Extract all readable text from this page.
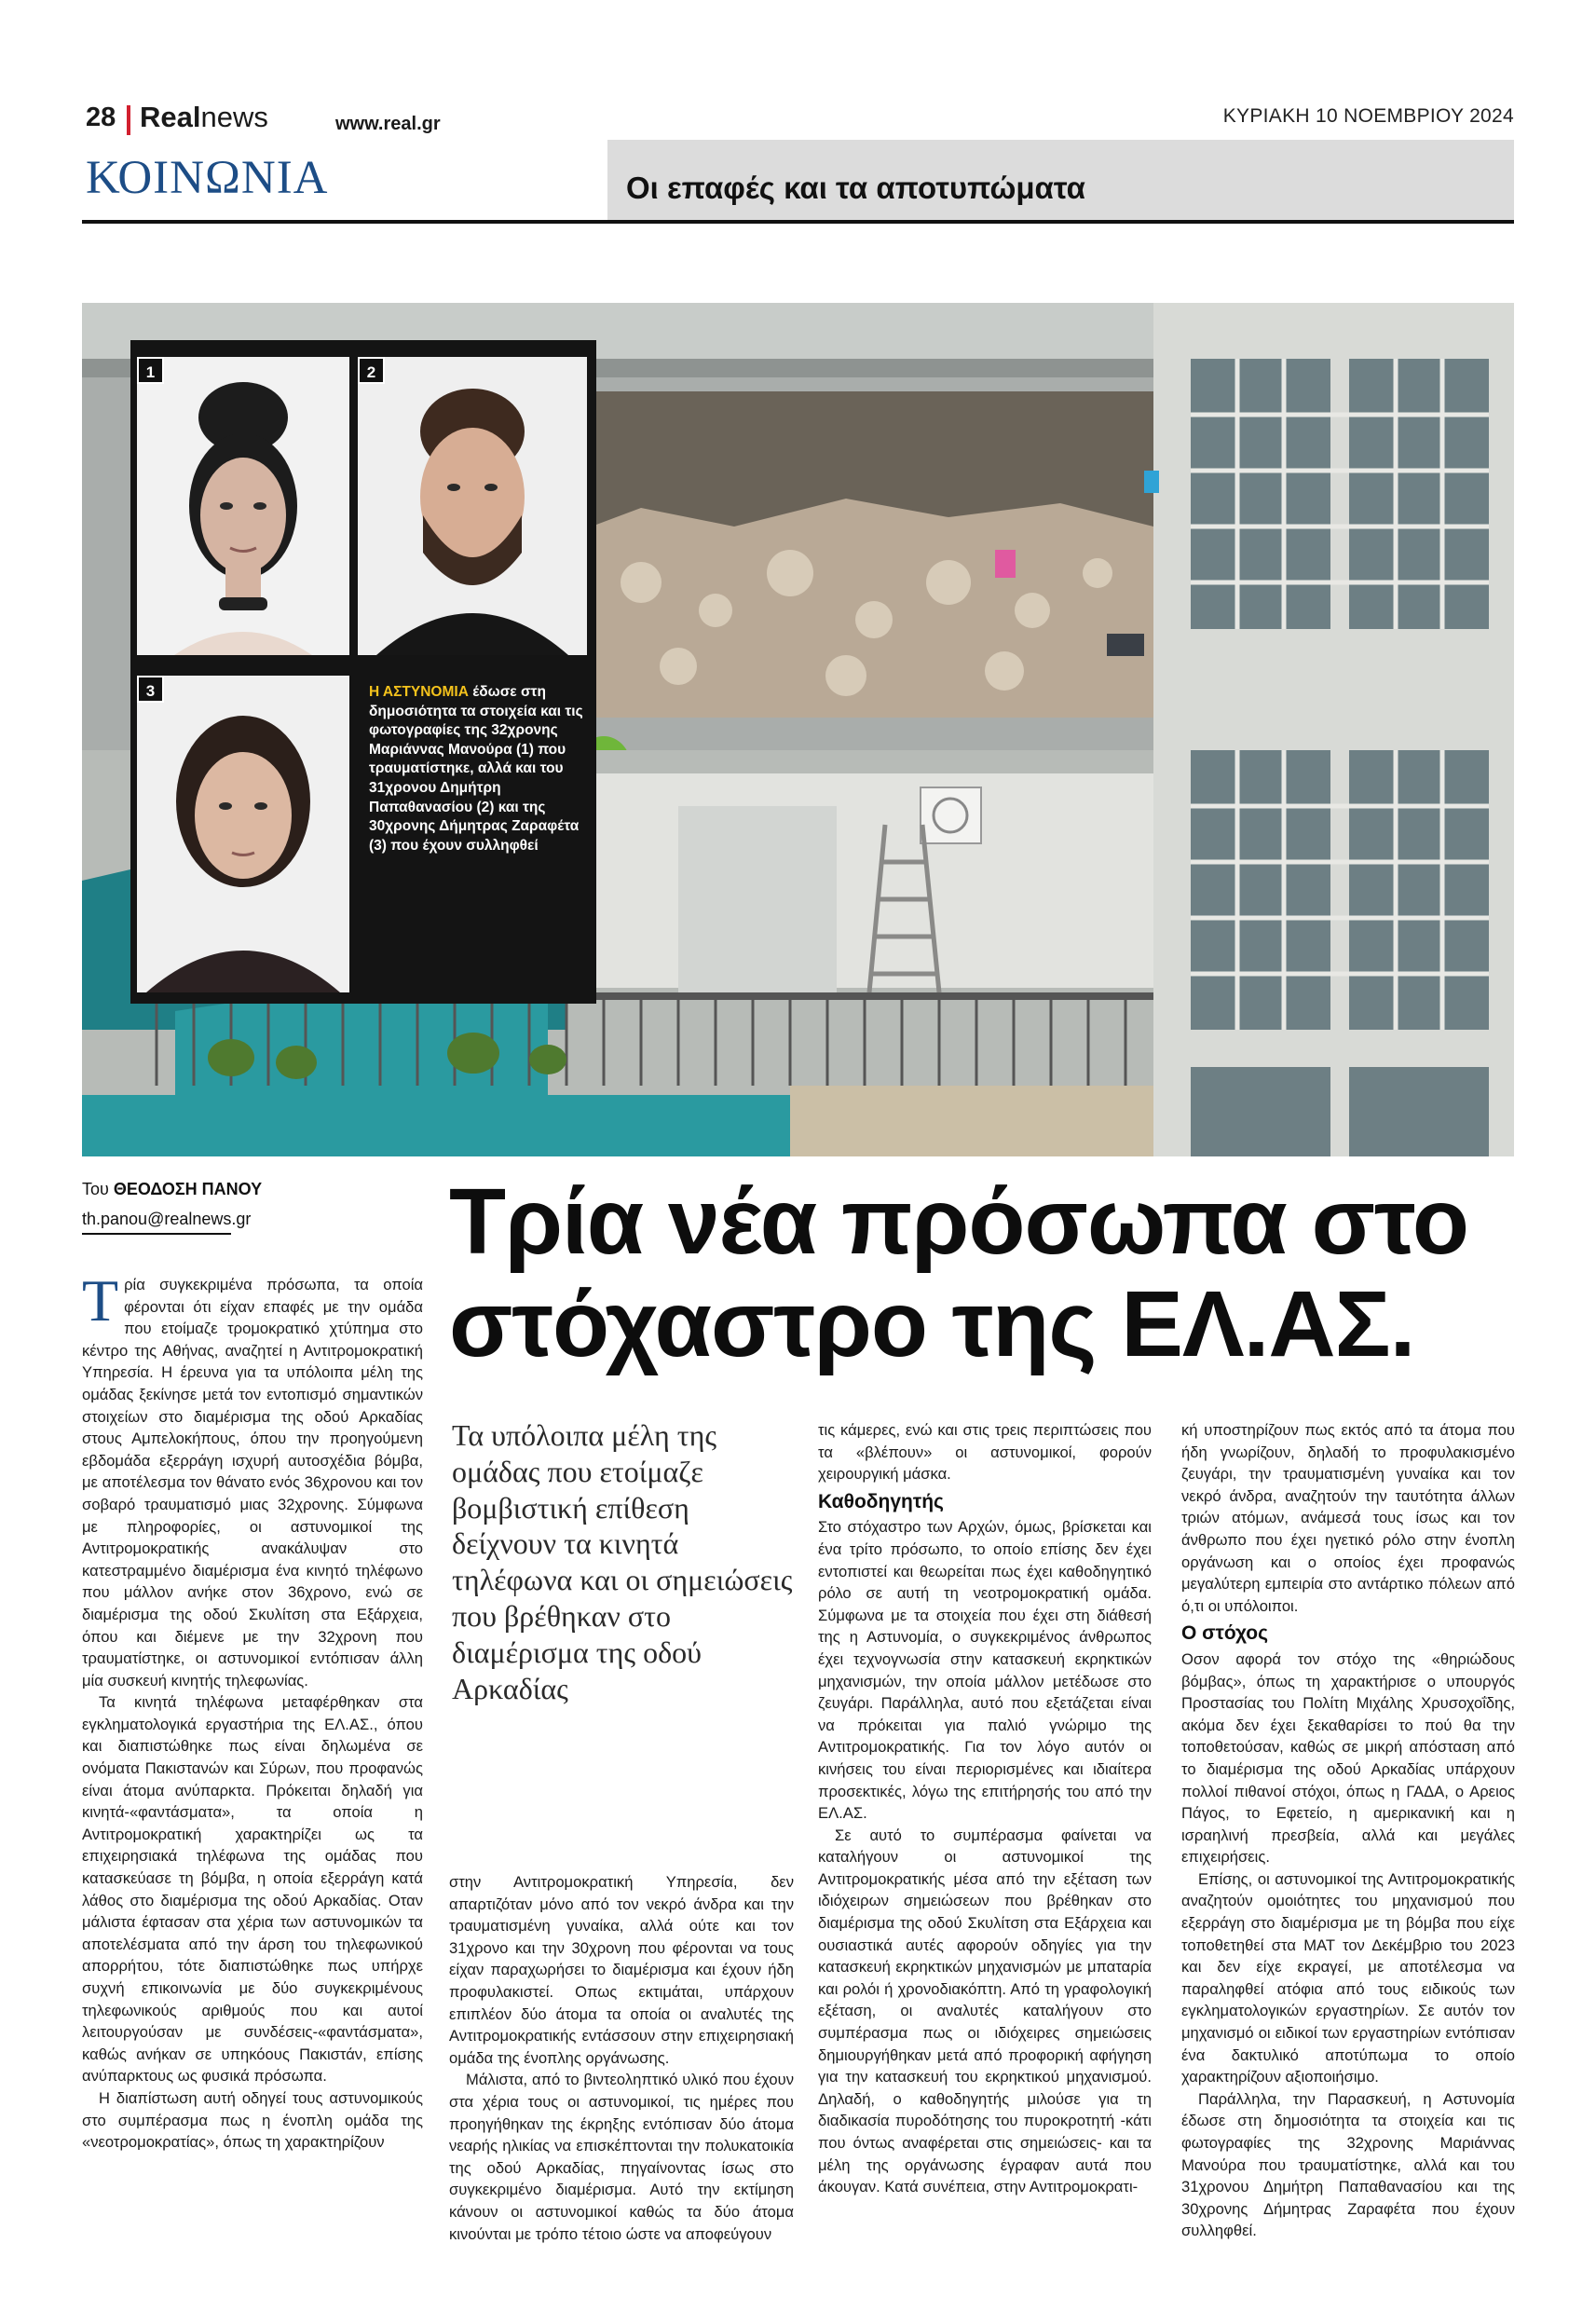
28 Realnews	www.real.gr	ΚΥΡΙΑΚΗ 10 ΝΟΕΜΒΡΙΟΥ 2024
ΚΟΙΝΩΝΙΑ	Οι επαφές και τα αποτυπώματα
1	2
3	Η ΑΣΤΥΝΟΜΙΑ έδωσε στη δημοσιότητα τα στοιχεία και τις φωτογραφίες της 32χρονης Μαριάννας Μανούρα (1) που τραυματίστηκε, αλλά και του 31χρονου Δημήτρη Παπαθανασίου (2) και της 30χρονης Δήμητρας Ζαραφέτα (3) που έχουν συλληφθεί
Του ΘΕΟΔΟΣΗ ΠΑΝΟΥ
th.panou@realnews.gr Τρία νέα πρόσωπα στο
στόχαστρο της ΕΛ.ΑΣ.
Τα υπόλοιπα μέλη της ομάδας που ετοίμαζε βομβιστική επίθεση δείχνουν τα κινητά τηλέφωνα και οι σημειώσεις που βρέθηκαν στο διαμέρισμα της οδού Αρκαδίας

Τρία συγκεκριμένα πρόσωπα, τα οποία φέρονται ότι είχαν επαφές με την ομάδα που ετοίμαζε τρομοκρατικό χτύπημα στο κέντρο της Αθήνας, αναζητεί η Αντιτρομοκρατική Υπηρεσία. Η έρευνα για τα υπόλοιπα μέλη της ομάδας ξεκίνησε μετά τον εντοπισμό σημαντικών στοιχείων στο διαμέρισμα της οδού Αρκαδίας στους Αμπελοκήπους, όπου την προηγούμενη εβδομάδα εξερράγη ισχυρή αυτοσχέδια βόμβα, με αποτέλεσμα τον θάνατο ενός 36χρονου και τον σοβαρό τραυματισμό μιας 32χρονης. Σύμφωνα με πληροφορίες, οι αστυνομικοί της Αντιτρομοκρατικής ανακάλυψαν στο κατεστραμμένο διαμέρισμα ένα κινητό τηλέφωνο που μάλλον ανήκε στον 36χρονο, ενώ σε διαμέρισμα της οδού Σκυλίτση στα Εξάρχεια, όπου και διέμενε με την 32χρονη που τραυματίστηκε, οι αστυνομικοί εντόπισαν άλλη μία συσκευή κινητής τηλεφωνίας.

Τα κινητά τηλέφωνα μεταφέρθηκαν στα εγκληματολογικά εργαστήρια της ΕΛ.ΑΣ., όπου και διαπιστώθηκε πως είναι δηλωμένα σε ονόματα Πακιστανών και Σύρων, που προφανώς είναι άτομα ανύπαρκτα. Πρόκειται δηλαδή για κινητά-«φαντάσματα», τα οποία η Αντιτρομοκρατική χαρακτηρίζει ως τα επιχειρησιακά τηλέφωνα της ομάδας που κατασκεύασε τη βόμβα, η οποία εξερράγη κατά λάθος στο διαμέρισμα της οδού Αρκαδίας. Οταν μάλιστα έφτασαν στα χέρια των αστυνομικών τα αποτελέσματα από την άρση του τηλεφωνικού απορρήτου, τότε διαπιστώθηκε πως υπήρχε συχνή επικοινωνία με δύο συγκεκριμένους τηλεφωνικούς αριθμούς που και αυτοί λειτουργούσαν με συνδέσεις-«φαντάσματα», καθώς ανήκαν σε υπηκόους Πακιστάν, επίσης ανύπαρκτους ως φυσικά πρόσωπα.

Η διαπίστωση αυτή οδηγεί τους αστυνομικούς στο συμπέρασμα πως η ένοπλη ομάδα της «νεοτρομοκρατίας», όπως τη χαρακτηρίζουν

στην Αντιτρομοκρατική Υπηρεσία, δεν απαρτιζόταν μόνο από τον νεκρό άνδρα και την τραυματισμένη γυναίκα, αλλά ούτε και τον 31χρονο και την 30χρονη που φέρονται να τους είχαν παραχωρήσει το διαμέρισμα και έχουν ήδη προφυλακιστεί. Οπως εκτιμάται, υπάρχουν επιπλέον δύο άτομα τα οποία οι αναλυτές της Αντιτρομοκρατικής εντάσσουν στην επιχειρησιακή ομάδα της ένοπλης οργάνωσης.

Μάλιστα, από το βιντεοληπτικό υλικό που έχουν στα χέρια τους οι αστυνομικοί, τις ημέρες που προηγήθηκαν της έκρηξης εντόπισαν δύο άτομα νεαρής ηλικίας να επισκέπτονται την πολυκατοικία της οδού Αρκαδίας, πηγαίνοντας ίσως στο συγκεκριμένο διαμέρισμα. Αυτό την εκτίμηση κάνουν οι αστυνομικοί καθώς τα δύο άτομα κινούνται με τρόπο τέτοιο ώστε να αποφεύγουν

τις κάμερες, ενώ και στις τρεις περιπτώσεις που τα «βλέπουν» οι αστυνομικοί, φορούν χειρουργική μάσκα.

Καθοδηγητής

Στο στόχαστρο των Αρχών, όμως, βρίσκεται και ένα τρίτο πρόσωπο, το οποίο επίσης δεν έχει εντοπιστεί και θεωρείται πως έχει καθοδηγητικό ρόλο σε αυτή τη νεοτρομοκρατική ομάδα. Σύμφωνα με τα στοιχεία που έχει στη διάθεσή της η Αστυνομία, ο συγκεκριμένος άνθρωπος έχει τεχνογνωσία στην κατασκευή εκρηκτικών μηχανισμών, την οποία μάλλον μετέδωσε στο ζευγάρι. Παράλληλα, αυτό που εξετάζεται είναι να πρόκειται για παλιό γνώριμο της Αντιτρομοκρατικής. Για τον λόγο αυτόν οι κινήσεις του είναι περιορισμένες και ιδιαίτερα προσεκτικές, λόγω της επιτήρησής του από την ΕΛ.ΑΣ.

Σε αυτό το συμπέρασμα φαίνεται να καταλήγουν οι αστυνομικοί της Αντιτρομοκρατικής μέσα από την εξέταση των ιδιόχειρων σημειώσεων που βρέθηκαν στο διαμέρισμα της οδού Σκυλίτση στα Εξάρχεια και ουσιαστικά αυτές αφορούν οδηγίες για την κατασκευή εκρηκτικών μηχανισμών με μπαταρία και ρολόι ή χρονοδιακόπτη. Από τη γραφολογική εξέταση, οι αναλυτές καταλήγουν στο συμπέρασμα πως οι ιδιόχειρες σημειώσεις δημιουργήθηκαν μετά από προφορική αφήγηση για την κατασκευή του εκρηκτικού μηχανισμού. Δηλαδή, ο καθοδηγητής μιλούσε για τη διαδικασία πυροδότησης του πυροκροτητή -κάτι που όντως αναφέρεται στις σημειώσεις- και τα μέλη της οργάνωσης έγραφαν αυτά που άκουγαν. Κατά συνέπεια, στην Αντιτρομοκρατι-

κή υποστηρίζουν πως εκτός από τα άτομα που ήδη γνωρίζουν, δηλαδή το προφυλακισμένο ζευγάρι, την τραυματισμένη γυναίκα και τον νεκρό άνδρα, αναζητούν την ταυτότητα άλλων τριών ατόμων, ανάμεσά τους ίσως και τον άνθρωπο που έχει ηγετικό ρόλο στην ένοπλη οργάνωση και ο οποίος έχει προφανώς μεγαλύτερη εμπειρία στο αντάρτικο πόλεων από ό,τι οι υπόλοιποι.

Ο στόχος

Οσον αφορά τον στόχο της «θηριώδους βόμβας», όπως τη χαρακτήρισε ο υπουργός Προστασίας του Πολίτη Μιχάλης Χρυσοχοΐδης, ακόμα δεν έχει ξεκαθαρίσει το πού θα την τοποθετούσαν, καθώς σε μικρή απόσταση από το διαμέρισμα της οδού Αρκαδίας υπάρχουν πολλοί πιθανοί στόχοι, όπως η ΓΑΔΑ, ο Αρειος Πάγος, το Εφετείο, η αμερικανική και η ισραηλινή πρεσβεία, αλλά και μεγάλες επιχειρήσεις.

Επίσης, οι αστυνομικοί της Αντιτρομοκρατικής αναζητούν ομοιότητες του μηχανισμού που εξερράγη στο διαμέρισμα με τη βόμβα που είχε τοποθετηθεί στα ΜΑΤ τον Δεκέμβριο του 2023 και δεν είχε εκραγεί, με αποτέλεσμα να παραληφθεί ατόφια από τους ειδικούς των εγκληματολογικών εργαστηρίων. Σε αυτόν τον μηχανισμό οι ειδικοί των εργαστηρίων εντόπισαν ένα δακτυλικό αποτύπωμα το οποίο χαρακτηρίζουν αξιοποιήσιμο.

Παράλληλα, την Παρασκευή, η Αστυνομία έδωσε στη δημοσιότητα τα στοιχεία και τις φωτογραφίες της 32χρονης Μαριάννας Μανούρα που τραυματίστηκε, αλλά και του 31χρονου Δημήτρη Παπαθανασίου και της 30χρονης Δήμητρας Ζαραφέτα που έχουν συλληφθεί.
